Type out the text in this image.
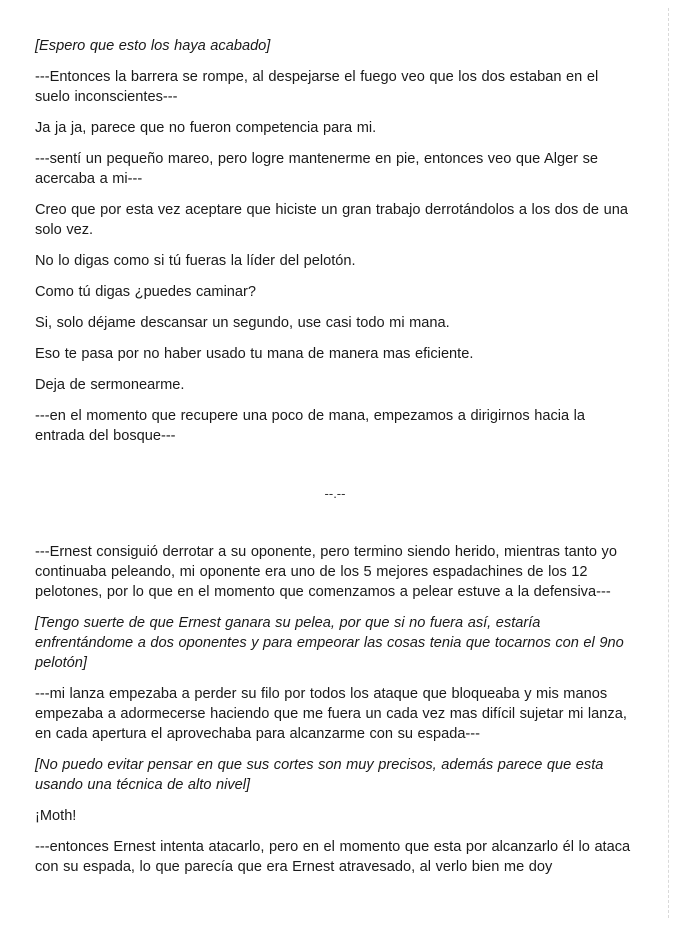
[Espero que esto los haya acabado]

---Entonces la barrera se rompe, al despejarse el fuego veo que los dos estaban en el suelo inconscientes---

Ja ja ja, parece que no fueron competencia para mi.

---sentí un pequeño mareo, pero logre mantenerme en pie, entonces veo que Alger se acercaba a mi---

Creo que por esta vez aceptare que hiciste un gran trabajo derrotándolos a los dos de una solo vez.

No lo digas como si tú fueras la líder del pelotón.

Como tú digas ¿puedes caminar?

Si, solo déjame descansar un segundo, use casi todo mi mana.

Eso te pasa por no haber usado tu mana de manera mas eficiente.

Deja de sermonearme.

---en el momento que recupere una poco de mana, empezamos a dirigirnos hacia la entrada del bosque---

--.--

---Ernest consiguió derrotar a su oponente, pero termino siendo herido, mientras tanto yo continuaba peleando, mi oponente era uno de los 5 mejores espadachines de los 12 pelotones, por lo que en el momento que comenzamos a pelear estuve a la defensiva---

[Tengo suerte de que Ernest ganara su pelea, por que si no fuera así, estaría enfrentándome a dos oponentes y para empeorar las cosas tenia que tocarnos con el 9no pelotón]

---mi lanza empezaba a perder su filo por todos los ataque que bloqueaba y mis manos empezaba a adormecerse haciendo que me fuera un cada vez mas difícil sujetar mi lanza, en cada apertura el aprovechaba para alcanzarme con su espada---

[No puedo evitar pensar en que sus cortes son muy precisos, además parece que esta usando una técnica de alto nivel]

¡Moth!

---entonces Ernest intenta atacarlo, pero en el momento que esta por alcanzarlo él lo ataca con su espada, lo que parecía que era Ernest atravesado, al verlo bien me doy
